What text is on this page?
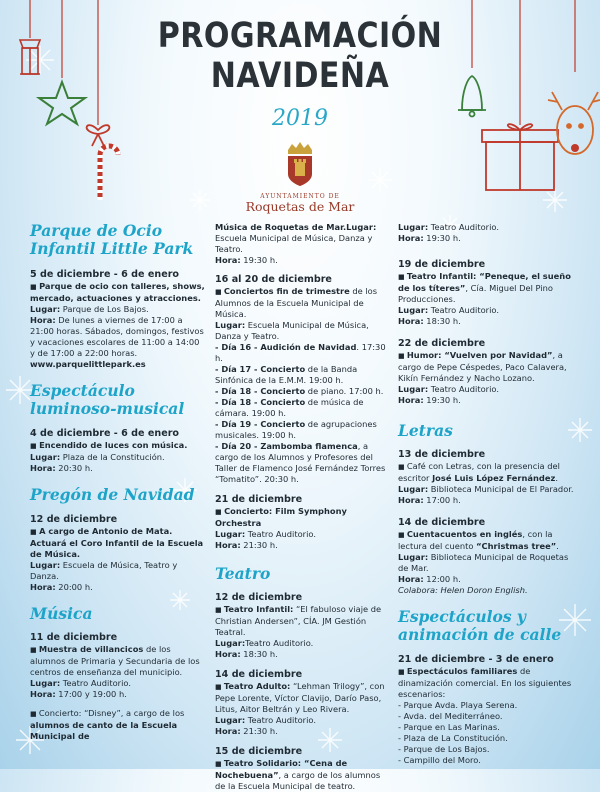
PROGRAMACIÓN
NAVIDEÑA
2019
AYUNTAMIENTO DE
Roquetas de Mar
Parque de Ocio
Infantil Little Park
5 de diciembre - 6 de enero

■ Parque de ocio con talleres, shows, mercado, actuaciones y atracciones.

Lugar: Parque de Los Bajos.

Hora: De lunes a viernes de 17:00 a 21:00 horas. Sábados, domingos, festivos y vacaciones escolares de 11:00 a 14:00 y de 17:00 a 22:00 horas.

www.parquelittlepark.es

Espectáculo
luminoso-musical
4 de diciembre - 6 de enero

■ Encendido de luces con música.

Lugar: Plaza de la Constitución.

Hora: 20:30 h.

Pregón de Navidad
12 de diciembre

■ A cargo de Antonio de Mata. Actuará el Coro Infantil de la Escuela de Música.

Lugar: Escuela de Música, Teatro y Danza.

Hora: 20:00 h.

Música
11 de diciembre

■ Muestra de villancicos de los alumnos de Primaria y Secundaria de los centros de enseñanza del municipio.

Lugar: Teatro Auditorio.

Hora: 17:00 y 19:00 h.

■ Concierto: “Disney”, a cargo de los alumnos de canto de la Escuela Municipal de

Música de Roquetas de Mar.Lugar: Escuela Municipal de Música, Danza y Teatro.

Hora: 19:30 h.

16 al 20 de diciembre

■ Conciertos fin de trimestre de los Alumnos de la Escuela Municipal de Música.

Lugar: Escuela Municipal de Música, Danza y Teatro.

- Día 16 - Audición de Navidad. 17:30 h.

- Día 17 - Concierto de la Banda Sinfónica de la E.M.M. 19:00 h.

- Día 18 - Concierto de piano. 17:00 h.

- Día 18 - Concierto de música de cámara. 19:00 h.

- Día 19 - Concierto de agrupaciones musicales. 19:00 h.

- Día 20 - Zambomba flamenca, a cargo de los Alumnos y Profesores del Taller de Flamenco José Fernández Torres “Tomatito”. 20:30 h.

21 de diciembre

■ Concierto: Film Symphony Orchestra

Lugar: Teatro Auditorio.

Hora: 21:30 h.

Teatro
12 de diciembre

■ Teatro Infantil: “El fabuloso viaje de Christian Andersen”, CÍA. JM Gestión Teatral.

Lugar:Teatro Auditorio.

Hora: 18:30 h.

14 de diciembre

■ Teatro Adulto: “Lehman Trilogy”, con Pepe Lorente, Víctor Clavijo, Darío Paso, Litus, Aitor Beltrán y Leo Rivera.

Lugar: Teatro Auditorio.

Hora: 21:30 h.

15 de diciembre

■ Teatro Solidario: “Cena de Nochebuena”, a cargo de los alumnos de la Escuela Municipal de teatro.

Lugar: Teatro Auditorio.

Hora: 19:30 h.

19 de diciembre

■ Teatro Infantil: “Peneque, el sueño de los títeres”, Cía. Miguel Del Pino Producciones.

Lugar: Teatro Auditorio.

Hora: 18:30 h.

22 de diciembre

■ Humor: “Vuelven por Navidad”, a cargo de Pepe Céspedes, Paco Calavera, Kikín Fernández y Nacho Lozano.

Lugar: Teatro Auditorio.

Hora: 19:30 h.

Letras
13 de diciembre

■ Café con Letras, con la presencia del escritor José Luis López Fernández.

Lugar: Biblioteca Municipal de El Parador.

Hora: 17:00 h.

14 de diciembre

■ Cuentacuentos en inglés, con la lectura del cuento “Christmas tree”.

Lugar: Biblioteca Municipal de Roquetas de Mar.

Hora: 12:00 h.

Colabora: Helen Doron English.

Espectáculos y
animación de calle
21 de diciembre - 3 de enero

■ Espectáculos familiares de dinamización comercial. En los siguientes escenarios:

- Parque Avda. Playa Serena.

- Avda. del Mediterráneo.

- Parque en Las Marinas.

- Plaza de La Constitución.

- Parque de Los Bajos.

- Campillo del Moro.
